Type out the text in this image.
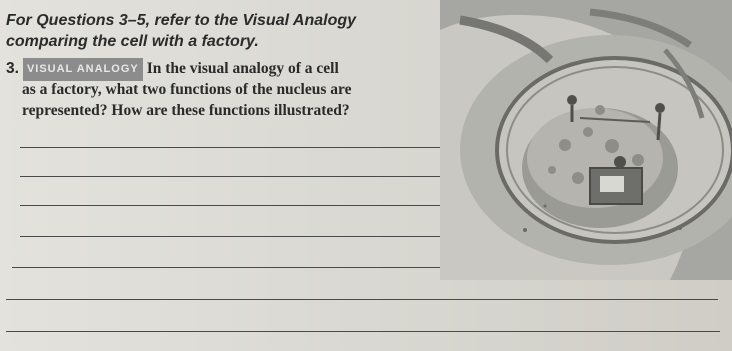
For Questions 3–5, refer to the Visual Analogy
comparing the cell with a factory.
3. VISUAL ANALOGY In the visual analogy of a cell
as a factory, what two functions of the nucleus are
represented? How are these functions illustrated?
